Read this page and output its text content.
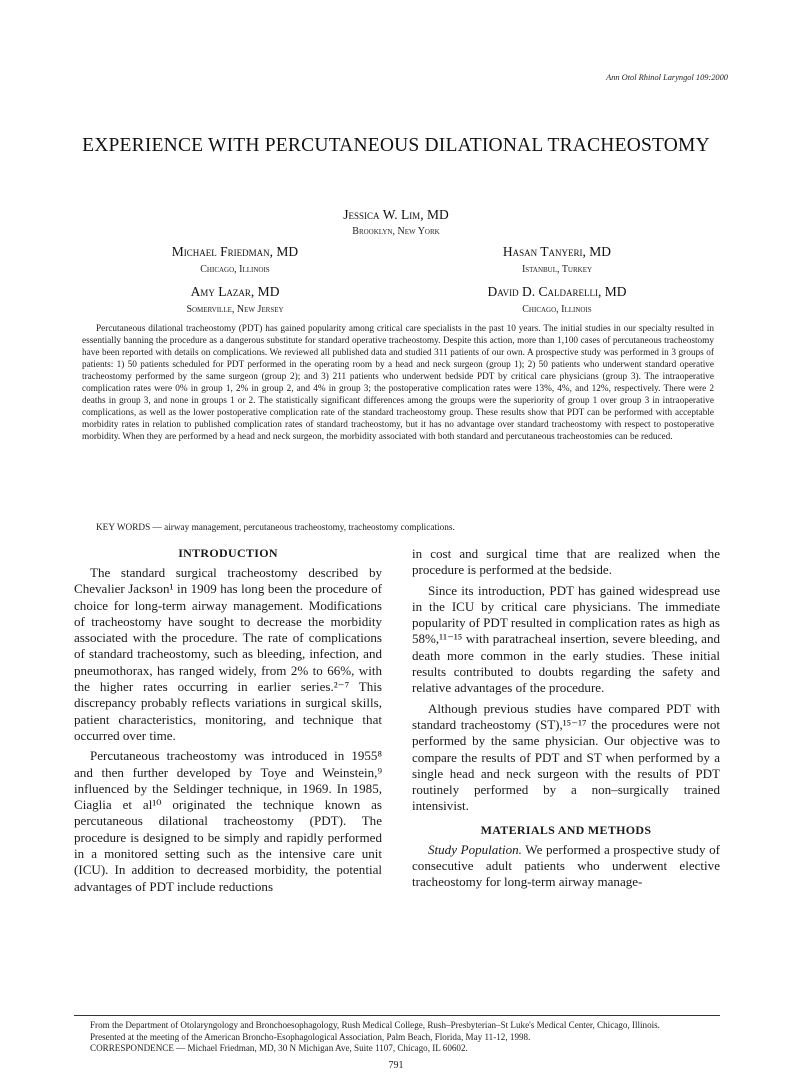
Ann Otol Rhinol Laryngol 109:2000
EXPERIENCE WITH PERCUTANEOUS DILATIONAL TRACHEOSTOMY
Jessica W. Lim, MD
Brooklyn, New York
Michael Friedman, MD
Chicago, Illinois
Hasan Tanyeri, MD
Istanbul, Turkey
Amy Lazar, MD
Somerville, New Jersey
David D. Caldarelli, MD
Chicago, Illinois

Percutaneous dilational tracheostomy (PDT) has gained popularity among critical care specialists in the past 10 years. The initial studies in our specialty resulted in essentially banning the procedure as a dangerous substitute for standard operative tracheostomy. Despite this action, more than 1,100 cases of percutaneous tracheostomy have been reported with details on complications. We reviewed all published data and studied 311 patients of our own. A prospective study was performed in 3 groups of patients: 1) 50 patients scheduled for PDT performed in the operating room by a head and neck surgeon (group 1); 2) 50 patients who underwent standard operative tracheostomy performed by the same surgeon (group 2); and 3) 211 patients who underwent bedside PDT by critical care physicians (group 3). The intraoperative complication rates were 0% in group 1, 2% in group 2, and 4% in group 3; the postoperative complication rates were 13%, 4%, and 12%, respectively. There were 2 deaths in group 3, and none in groups 1 or 2. The statistically significant differences among the groups were the superiority of group 1 over group 3 in intraoperative complications, as well as the lower postoperative complication rate of the standard tracheostomy group. These results show that PDT can be performed with acceptable morbidity rates in relation to published complication rates of standard tracheostomy, but it has no advantage over standard tracheostomy with respect to postoperative morbidity. When they are performed by a head and neck surgeon, the morbidity associated with both standard and percutaneous tracheostomies can be reduced.

KEY WORDS — airway management, percutaneous tracheostomy, tracheostomy complications.

INTRODUCTION

The standard surgical tracheostomy described by Chevalier Jackson¹ in 1909 has long been the procedure of choice for long-term airway management. Modifications of tracheostomy have sought to decrease the morbidity associated with the procedure. The rate of complications of standard tracheostomy, such as bleeding, infection, and pneumothorax, has ranged widely, from 2% to 66%, with the higher rates occurring in earlier series.²⁻⁷ This discrepancy probably reflects variations in surgical skills, patient characteristics, monitoring, and technique that occurred over time.

Percutaneous tracheostomy was introduced in 1955⁸ and then further developed by Toye and Weinstein,⁹ influenced by the Seldinger technique, in 1969. In 1985, Ciaglia et al¹⁰ originated the technique known as percutaneous dilational tracheostomy (PDT). The procedure is designed to be simply and rapidly performed in a monitored setting such as the intensive care unit (ICU). In addition to decreased morbidity, the potential advantages of PDT include reductions

in cost and surgical time that are realized when the procedure is performed at the bedside.

Since its introduction, PDT has gained widespread use in the ICU by critical care physicians. The immediate popularity of PDT resulted in complication rates as high as 58%,¹¹⁻¹⁵ with paratracheal insertion, severe bleeding, and death more common in the early studies. These initial results contributed to doubts regarding the safety and relative advantages of the procedure.

Although previous studies have compared PDT with standard tracheostomy (ST),¹⁵⁻¹⁷ the procedures were not performed by the same physician. Our objective was to compare the results of PDT and ST when performed by a single head and neck surgeon with the results of PDT routinely performed by a non–surgically trained intensivist.

MATERIALS AND METHODS

Study Population. We performed a prospective study of consecutive adult patients who underwent elective tracheostomy for long-term airway manage-

From the Department of Otolaryngology and Bronchoesophagology, Rush Medical College, Rush–Presbyterian–St Luke's Medical Center, Chicago, Illinois.

Presented at the meeting of the American Broncho-Esophagological Association, Palm Beach, Florida, May 11-12, 1998.

CORRESPONDENCE — Michael Friedman, MD, 30 N Michigan Ave, Suite 1107, Chicago, IL 60602.

791
